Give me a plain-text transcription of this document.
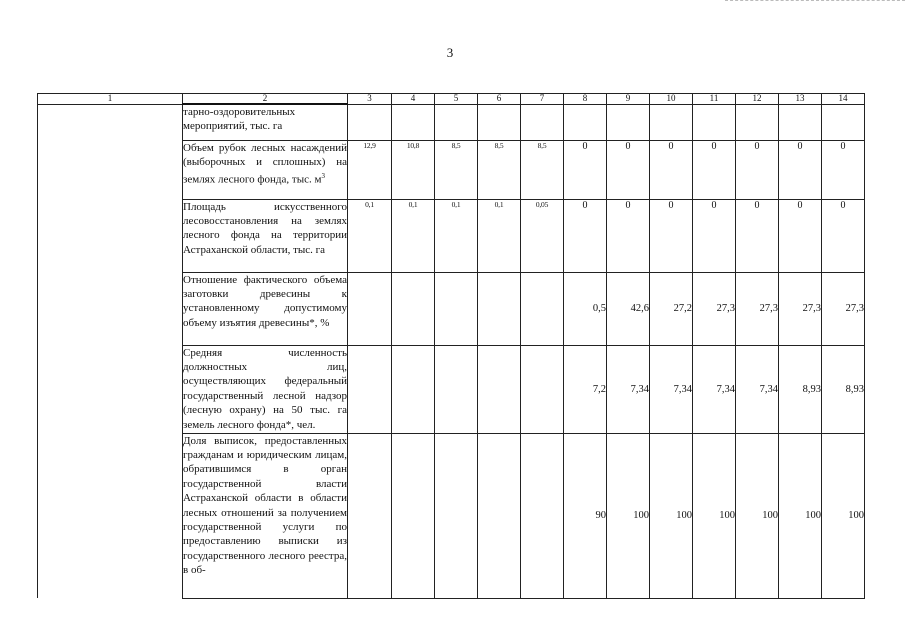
3
1	2	3	4	5	6	7	8	9	10	11	12	13	14
	тарно-оздоровительных мероприятий, тыс. га												
	Объем рубок лесных насаждений (выборочных и сплошных) на землях лесного фонда, тыс. $м^3$	12,9	10,8	8,5	8,5	8,5	0	0	0	0	0	0	0
	Площадь искусственного лесовосстановления на землях лесного фонда на территории Астраханской области, тыс. га	0,1	0,1	0,1	0,1	0,05	0	0	0	0	0	0	0
	Отношение фактического объема заготовки древесины к установленному допустимому объему изъятия древесины*, %						0,5	42,6	27,2	27,3	27,3	27,3	27,3
	Средняя численность должностных лиц, осуществляющих федеральный государственный лесной надзор (лесную охрану) на 50 тыс. га земель лесного фонда*, чел.						7,2	7,34	7,34	7,34	7,34	8,93	8,93
	Доля выписок, предоставленных гражданам и юридическим лицам, обратившимся в орган государственной власти Астраханской области в области лесных отношений за получением государственной услуги по предоставлению выписки из государственного лесного реестра, в об-						90	100	100	100	100	100	100
